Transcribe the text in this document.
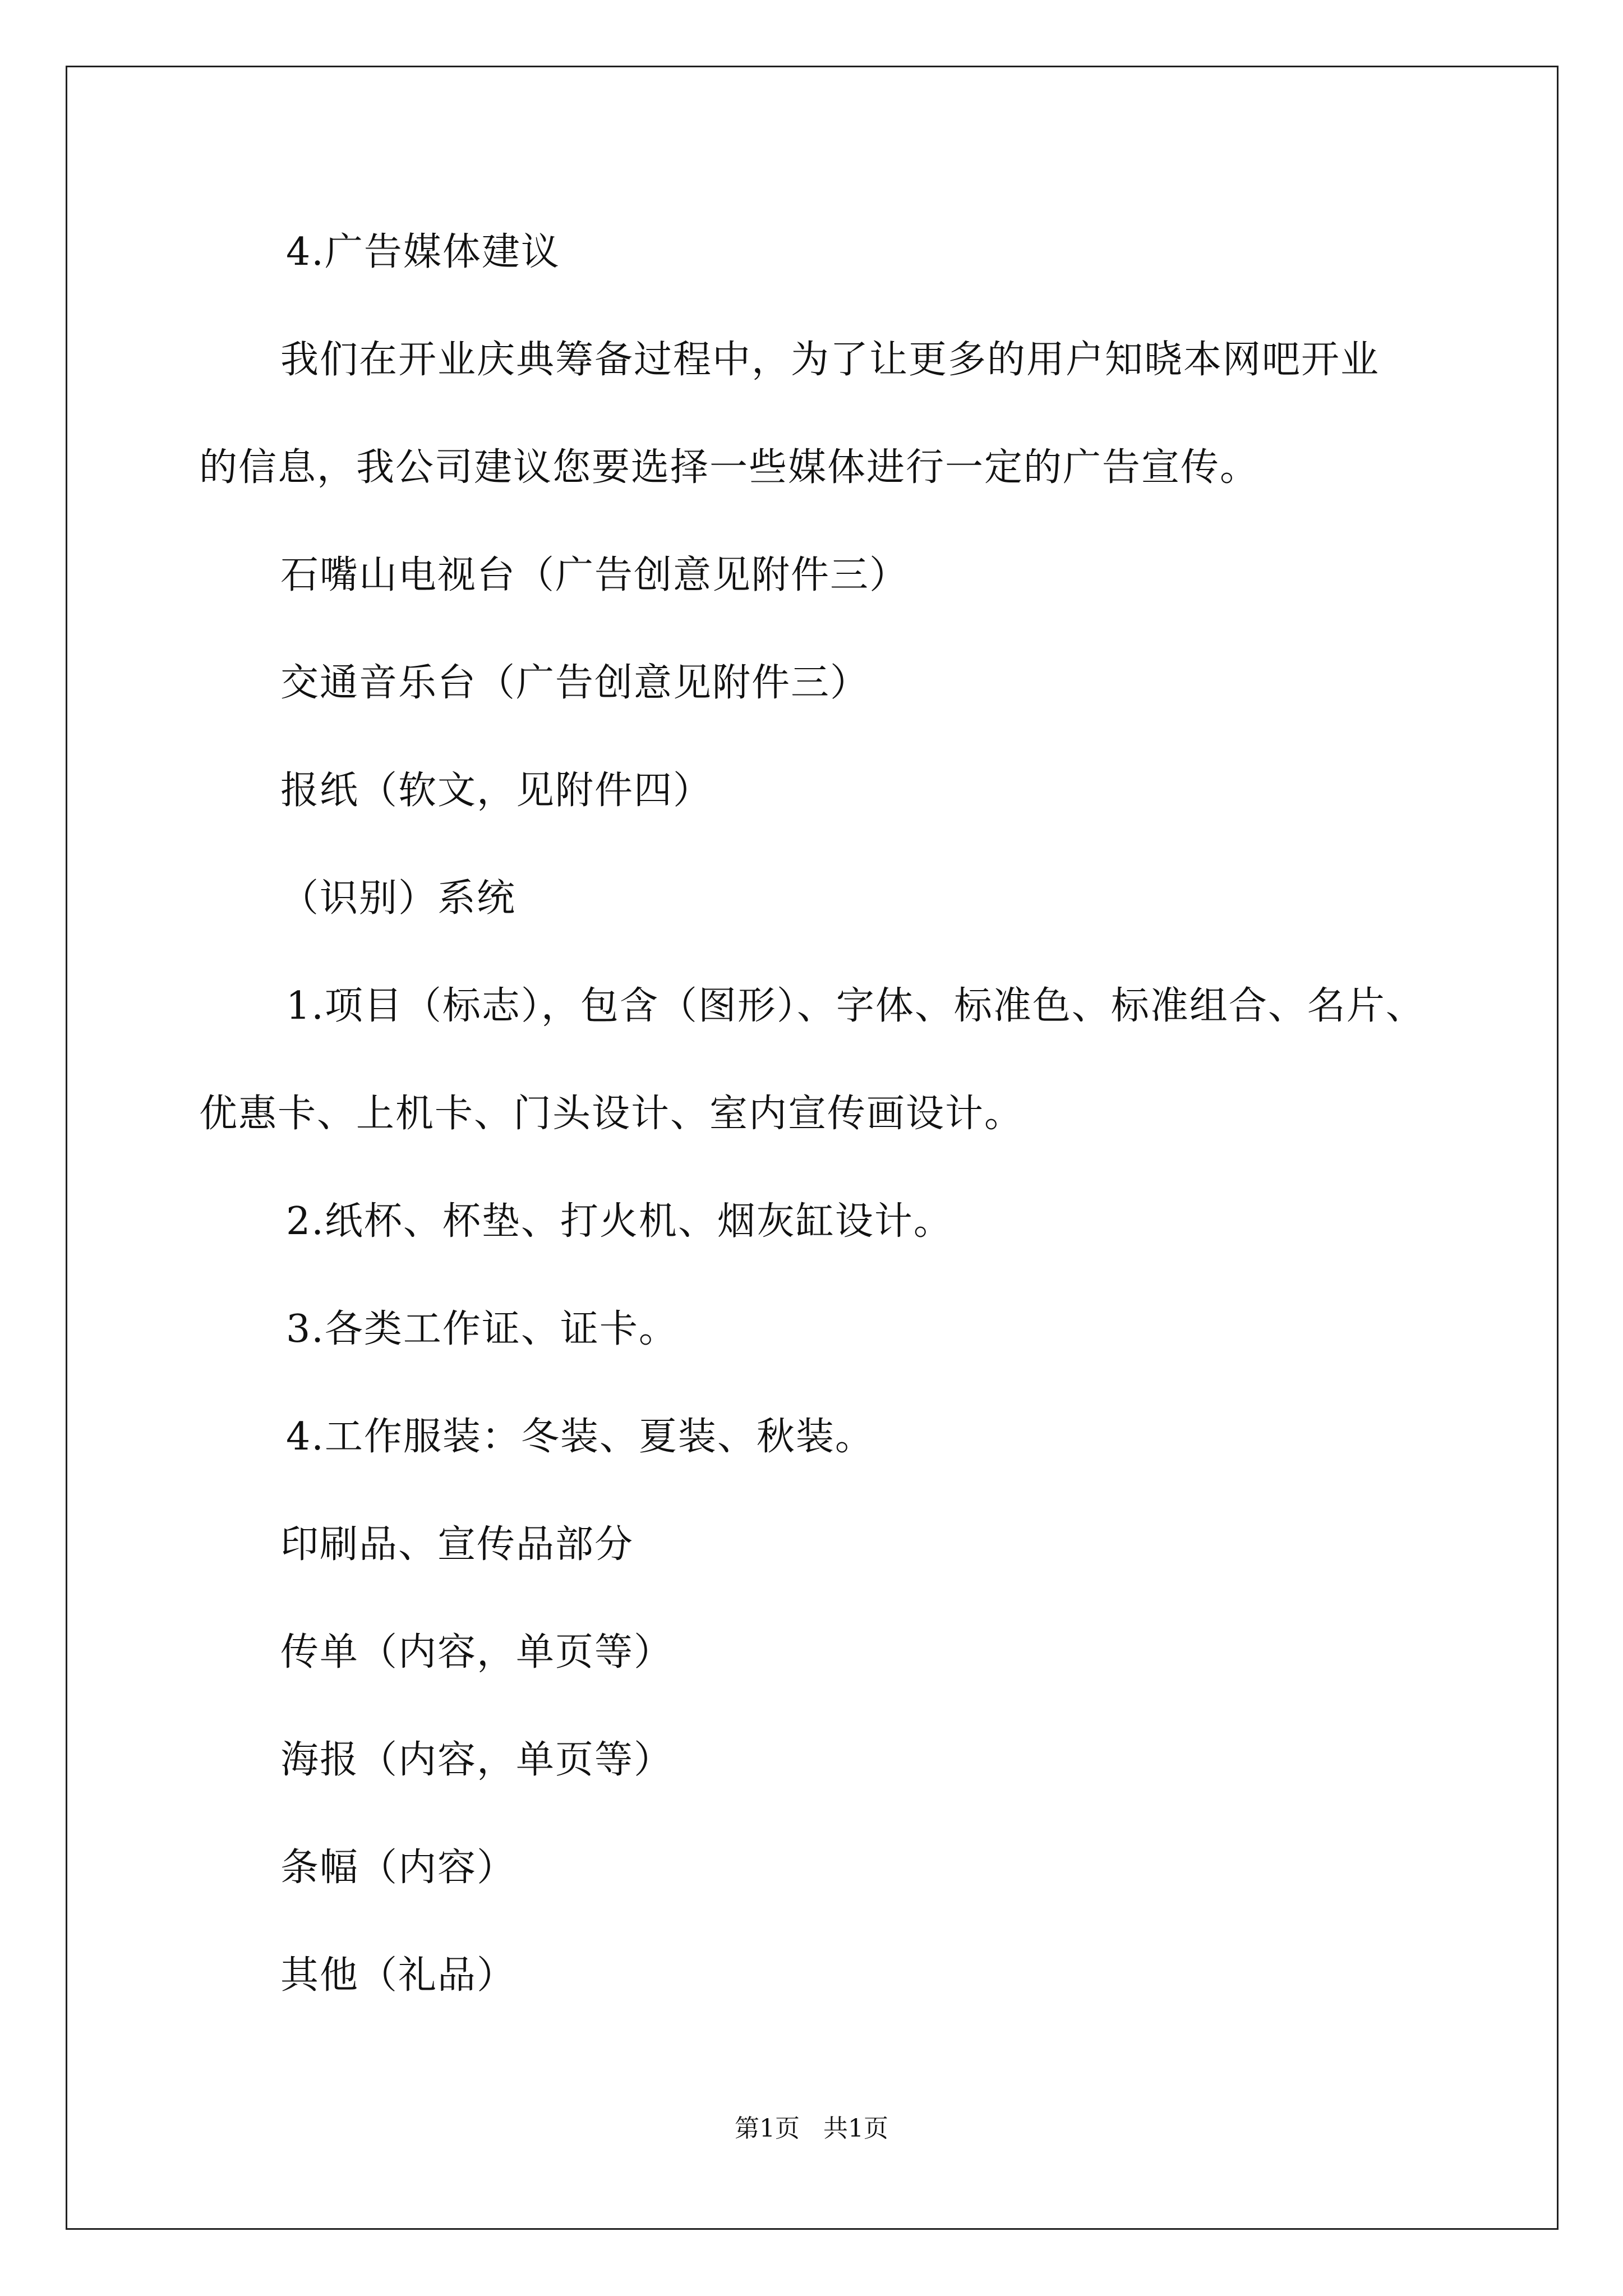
4.广告媒体建议
我们在开业庆典筹备过程中，为了让更多的用户知晓本网吧开业
的信息，我公司建议您要选择一些媒体进行一定的广告宣传。
石嘴山电视台（广告创意见附件三）
交通音乐台（广告创意见附件三）
报纸（软文，见附件四）
（识别）系统
1.项目（标志），包含（图形）、字体、标准色、标准组合、名片、
优惠卡、上机卡、门头设计、室内宣传画设计。
2.纸杯、杯垫、打火机、烟灰缸设计。
3.各类工作证、证卡。
4.工作服装：冬装、夏装、秋装。
印刷品、宣传品部分
传单（内容，单页等）
海报（内容，单页等）
条幅（内容）
其他（礼品）
第1页   共1页
